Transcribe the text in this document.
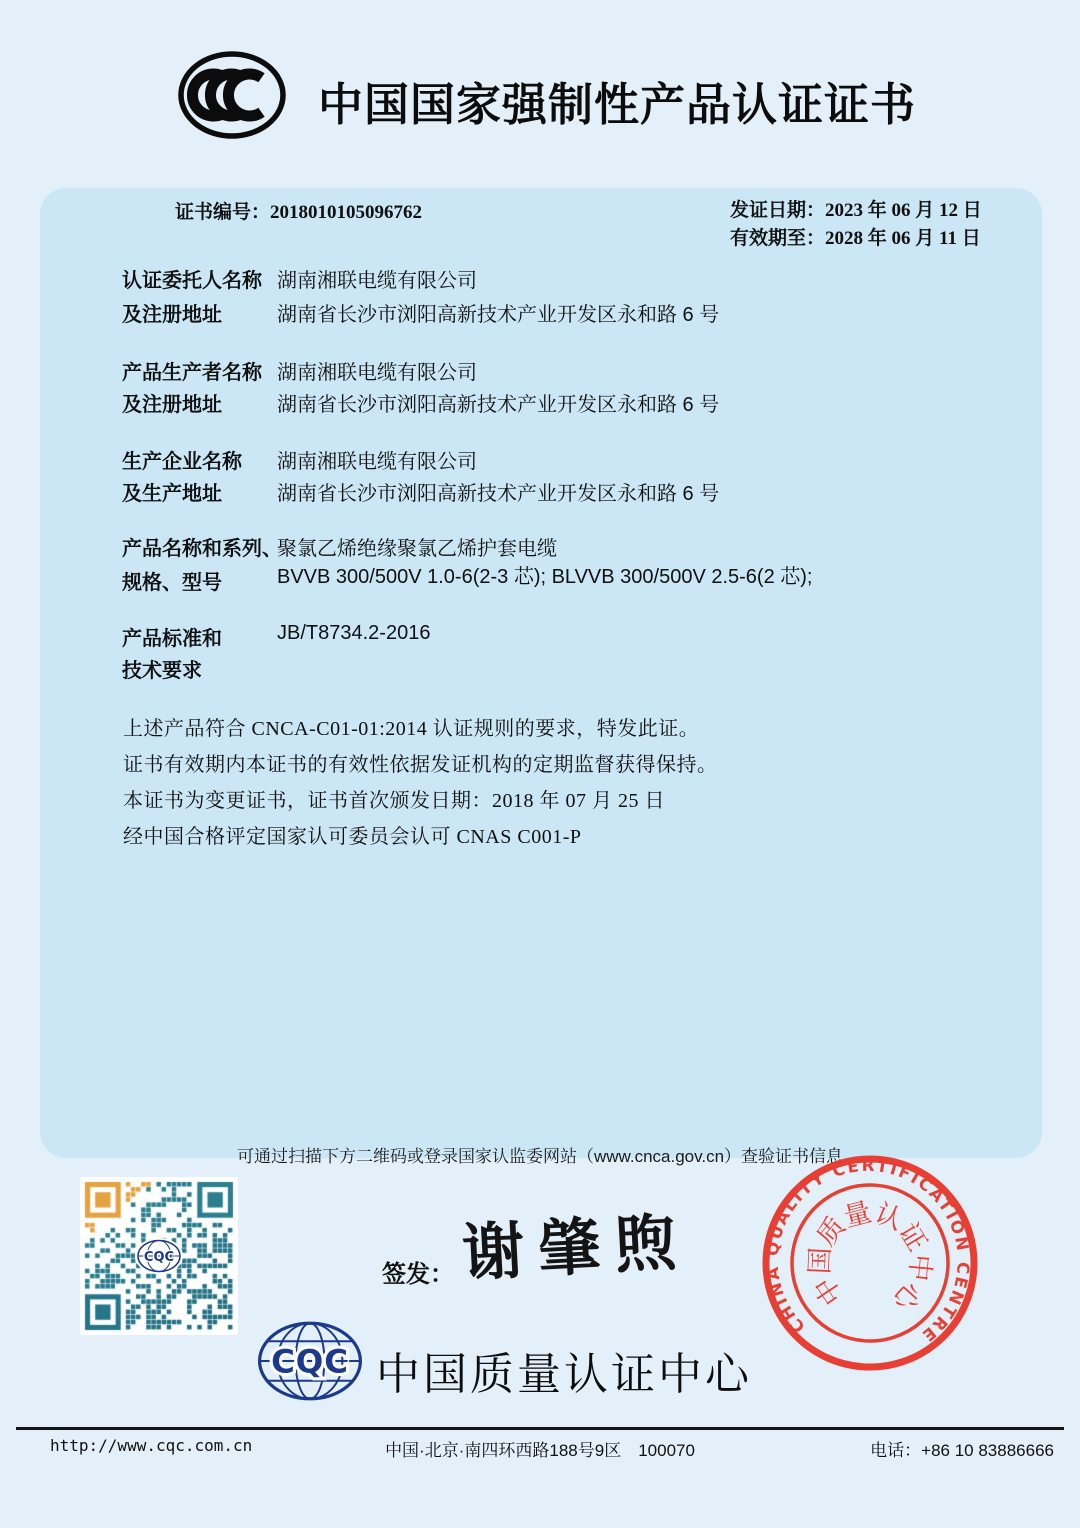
中国国家强制性产品认证证书
证书编号：2018010105096762	发证日期：2023 年 06 月 12 日
有效期至：2028 年 06 月 11 日
认证委托人名称 湖南湘联电缆有限公司
及注册地址	湖南省长沙市浏阳高新技术产业开发区永和路 6 号
产品生产者名称 湖南湘联电缆有限公司
及注册地址	湖南省长沙市浏阳高新技术产业开发区永和路 6 号
生产企业名称 湖南湘联电缆有限公司
及生产地址	湖南省长沙市浏阳高新技术产业开发区永和路 6 号
产品名称和系列、
聚氯乙烯绝缘聚氯乙烯护套电缆
规格、型号	BVVB 300/500V 1.0-6(2-3 芯); BLVVB 300/500V 2.5-6(2 芯);
产品标准和	JB/T8734.2-2016
技术要求
上述产品符合 CNCA-C01-01:2014 认证规则的要求，特发此证。
证书有效期内本证书的有效性依据发证机构的定期监督获得保持。
本证书为变更证书，证书首次颁发日期：2018 年 07 月 25 日
经中国合格评定国家认可委员会认可 CNAS C001-P
可通过扫描下方二维码或登录国家认监委网站（www.cnca.gov.cn）查验证书信息
CQC
签发： 谢肇煦
CQC 中国质量认证中心
CHINA QUALITY CERTIFICATION CENTRE
中
国
质
量
认
证
中
心
http://www.cqc.com.cn	中国·北京·南四环西路188号9区　100070	电话：+86 10 83886666
